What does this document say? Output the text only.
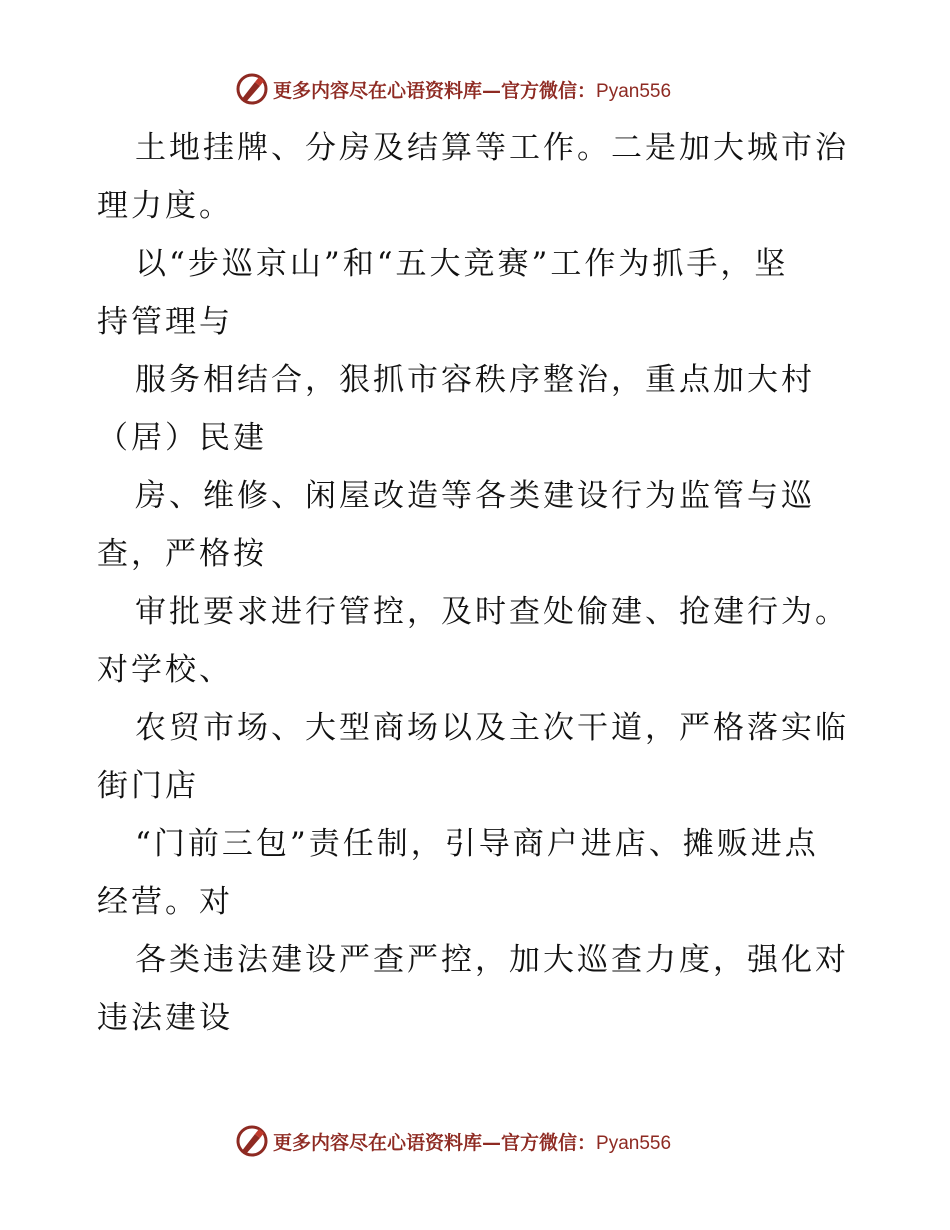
更多内容尽在心语资料库—官方微信：Pyan556
土地挂牌、分房及结算等工作。二是加大城市治
理力度。
以“步巡京山”和“五大竞赛”工作为抓手，坚
持管理与
服务相结合，狠抓市容秩序整治，重点加大村
（居）民建
房、维修、闲屋改造等各类建设行为监管与巡
查，严格按
审批要求进行管控，及时查处偷建、抢建行为。
对学校、
农贸市场、大型商场以及主次干道，严格落实临
街门店
“门前三包”责任制，引导商户进店、摊贩进点
经营。对
各类违法建设严查严控，加大巡查力度，强化对
违法建设
更多内容尽在心语资料库—官方微信：Pyan556
